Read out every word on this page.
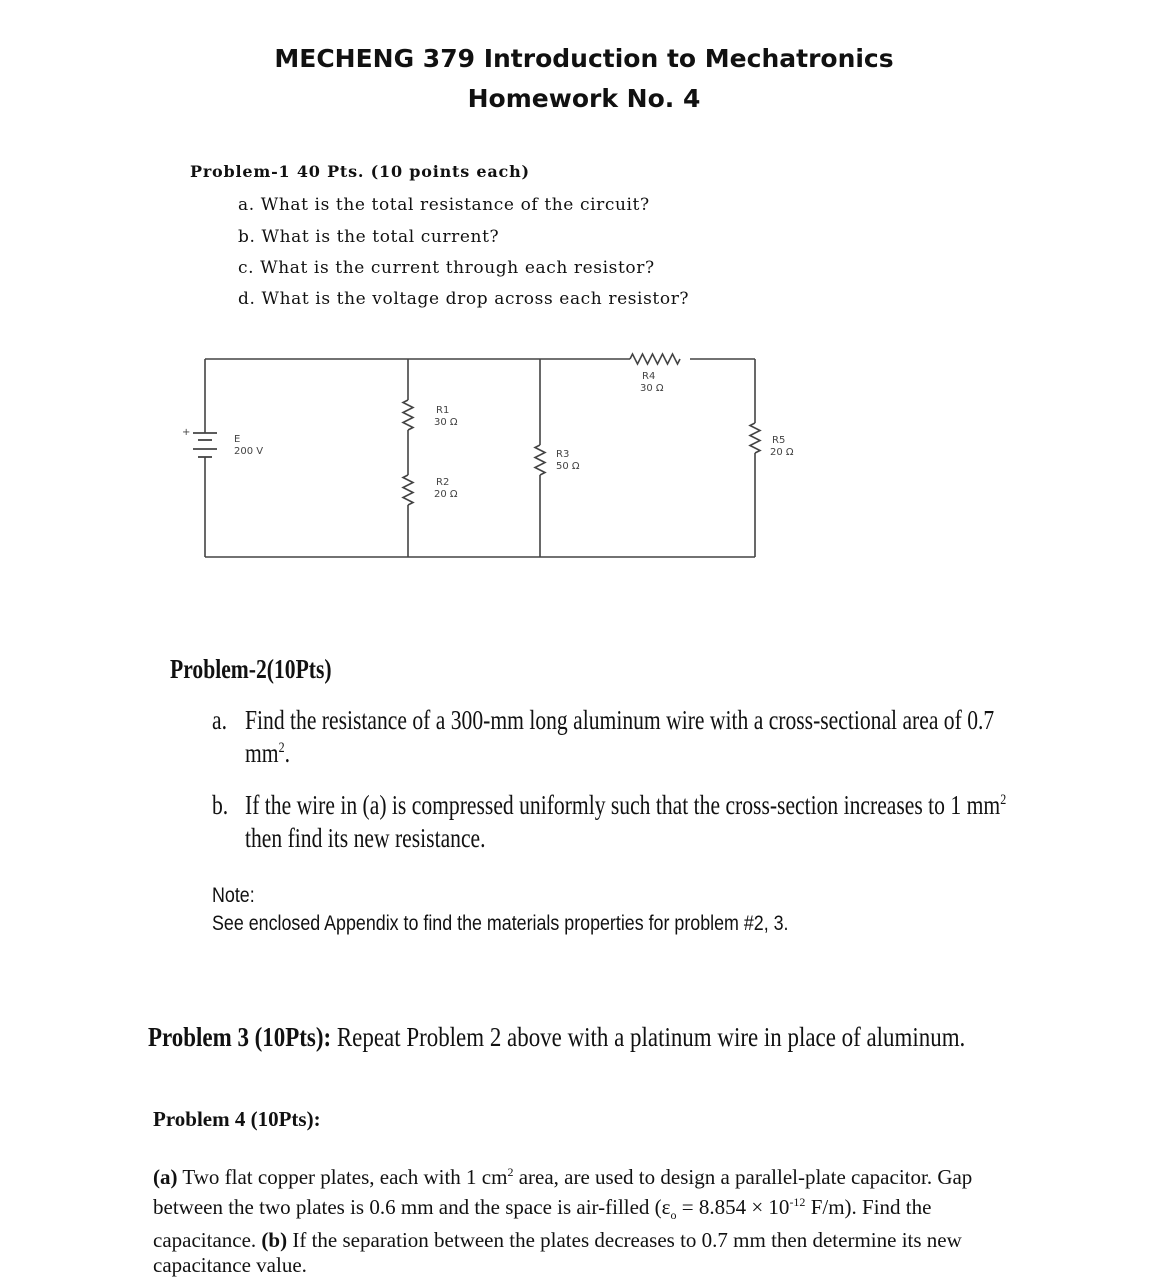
MECHENG 379 Introduction to Mechatronics
Homework No. 4
Problem-1 40 Pts. (10 points each)
a. What is the total resistance of the circuit?
b. What is the total current?
c. What is the current through each resistor?
d. What is the voltage drop across each resistor?
+
E
200 V
R1
30 Ω
R2
20 Ω
R3
50 Ω
R4
30 Ω
R5
20 Ω
Problem-2(10Pts)
a. Find the resistance of a 300-mm long aluminum wire with a cross-sectional area of 0.7
$mm^2$.
b. If the wire in (a) is compressed uniformly such that the cross-section increases to 1 $mm^2$
then find its new resistance.
Note:
See enclosed Appendix to find the materials properties for problem #2, 3.
Problem 3 (10Pts): Repeat Problem 2 above with a platinum wire in place of aluminum.
Problem 4 (10Pts):
(a) Two flat copper plates, each with 1 $cm^2$ area, are used to design a parallel-plate capacitor. Gap between the two plates is 0.6 mm and the space is air-filled ($\varepsilon_o = 8.854 \times 10^{-12}$ F/m). Find the capacitance. (b) If the separation between the plates decreases to 0.7 mm then determine its new capacitance value.
